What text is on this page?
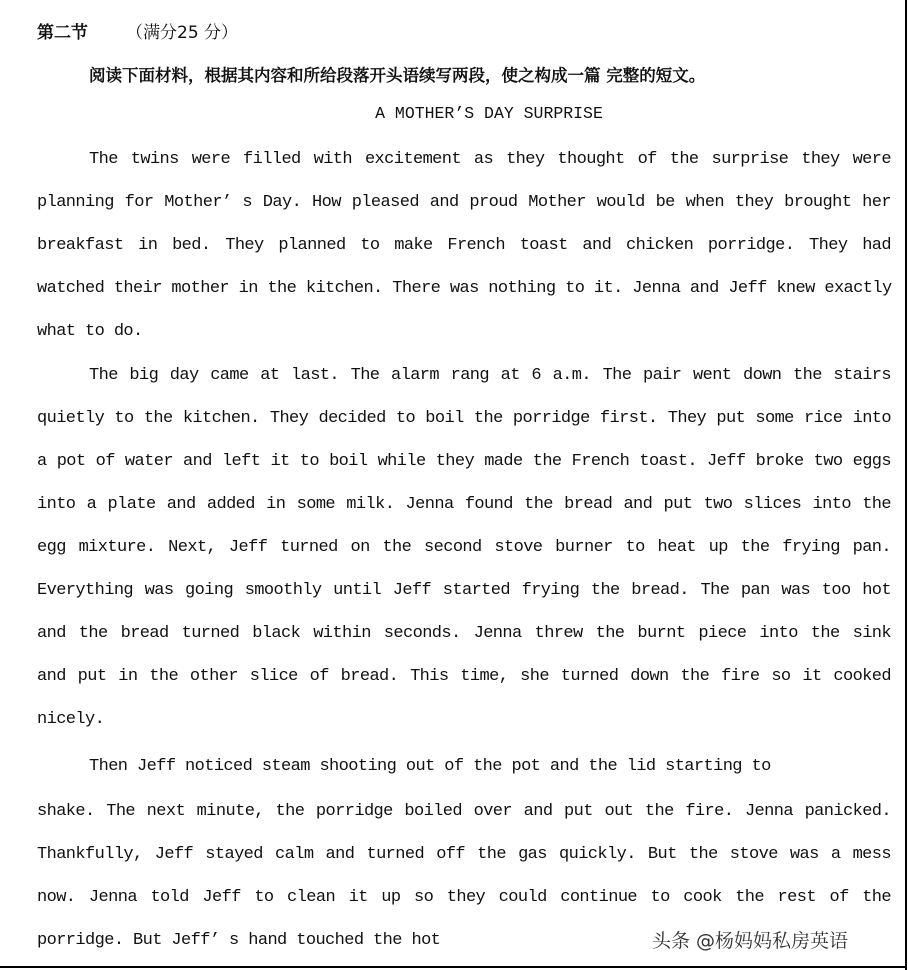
第二节 （满分25 分）
阅读下面材料，根据其内容和所给段落开头语续写两段，使之构成一篇 完整的短文。
A MOTHER’S DAY SURPRISE
The twins were filled with excitement as they thought of the surprise they were
planning for Mother’ s Day. How pleased and proud Mother would be when they brought her
breakfast in bed. They planned to make French toast and chicken porridge. They had
watched their mother in the kitchen. There was nothing to it. Jenna and Jeff knew exactly
what to do.
The big day came at last. The alarm rang at 6 a.m. The pair went down the stairs
quietly to the kitchen. They decided to boil the porridge first. They put some rice into
a pot of water and left it to boil while they made the French toast. Jeff broke two eggs
into a plate and added in some milk. Jenna found the bread and put two slices into the
egg mixture. Next, Jeff turned on the second stove burner to heat up the frying pan.
Everything was going smoothly until Jeff started frying the bread. The pan was too hot
and the bread turned black within seconds. Jenna threw the burnt piece into the sink
and put in the other slice of bread. This time, she turned down the fire so it cooked
nicely.
Then Jeff noticed steam shooting out of the pot and the lid starting to
shake. The next minute, the porridge boiled over and put out the fire. Jenna panicked.
Thankfully, Jeff stayed calm and turned off the gas quickly. But the stove was a mess
now. Jenna told Jeff to clean it up so they could continue to cook the rest of the
porridge. But Jeff’ s hand touched the hot	头条 @杨妈妈私房英语
